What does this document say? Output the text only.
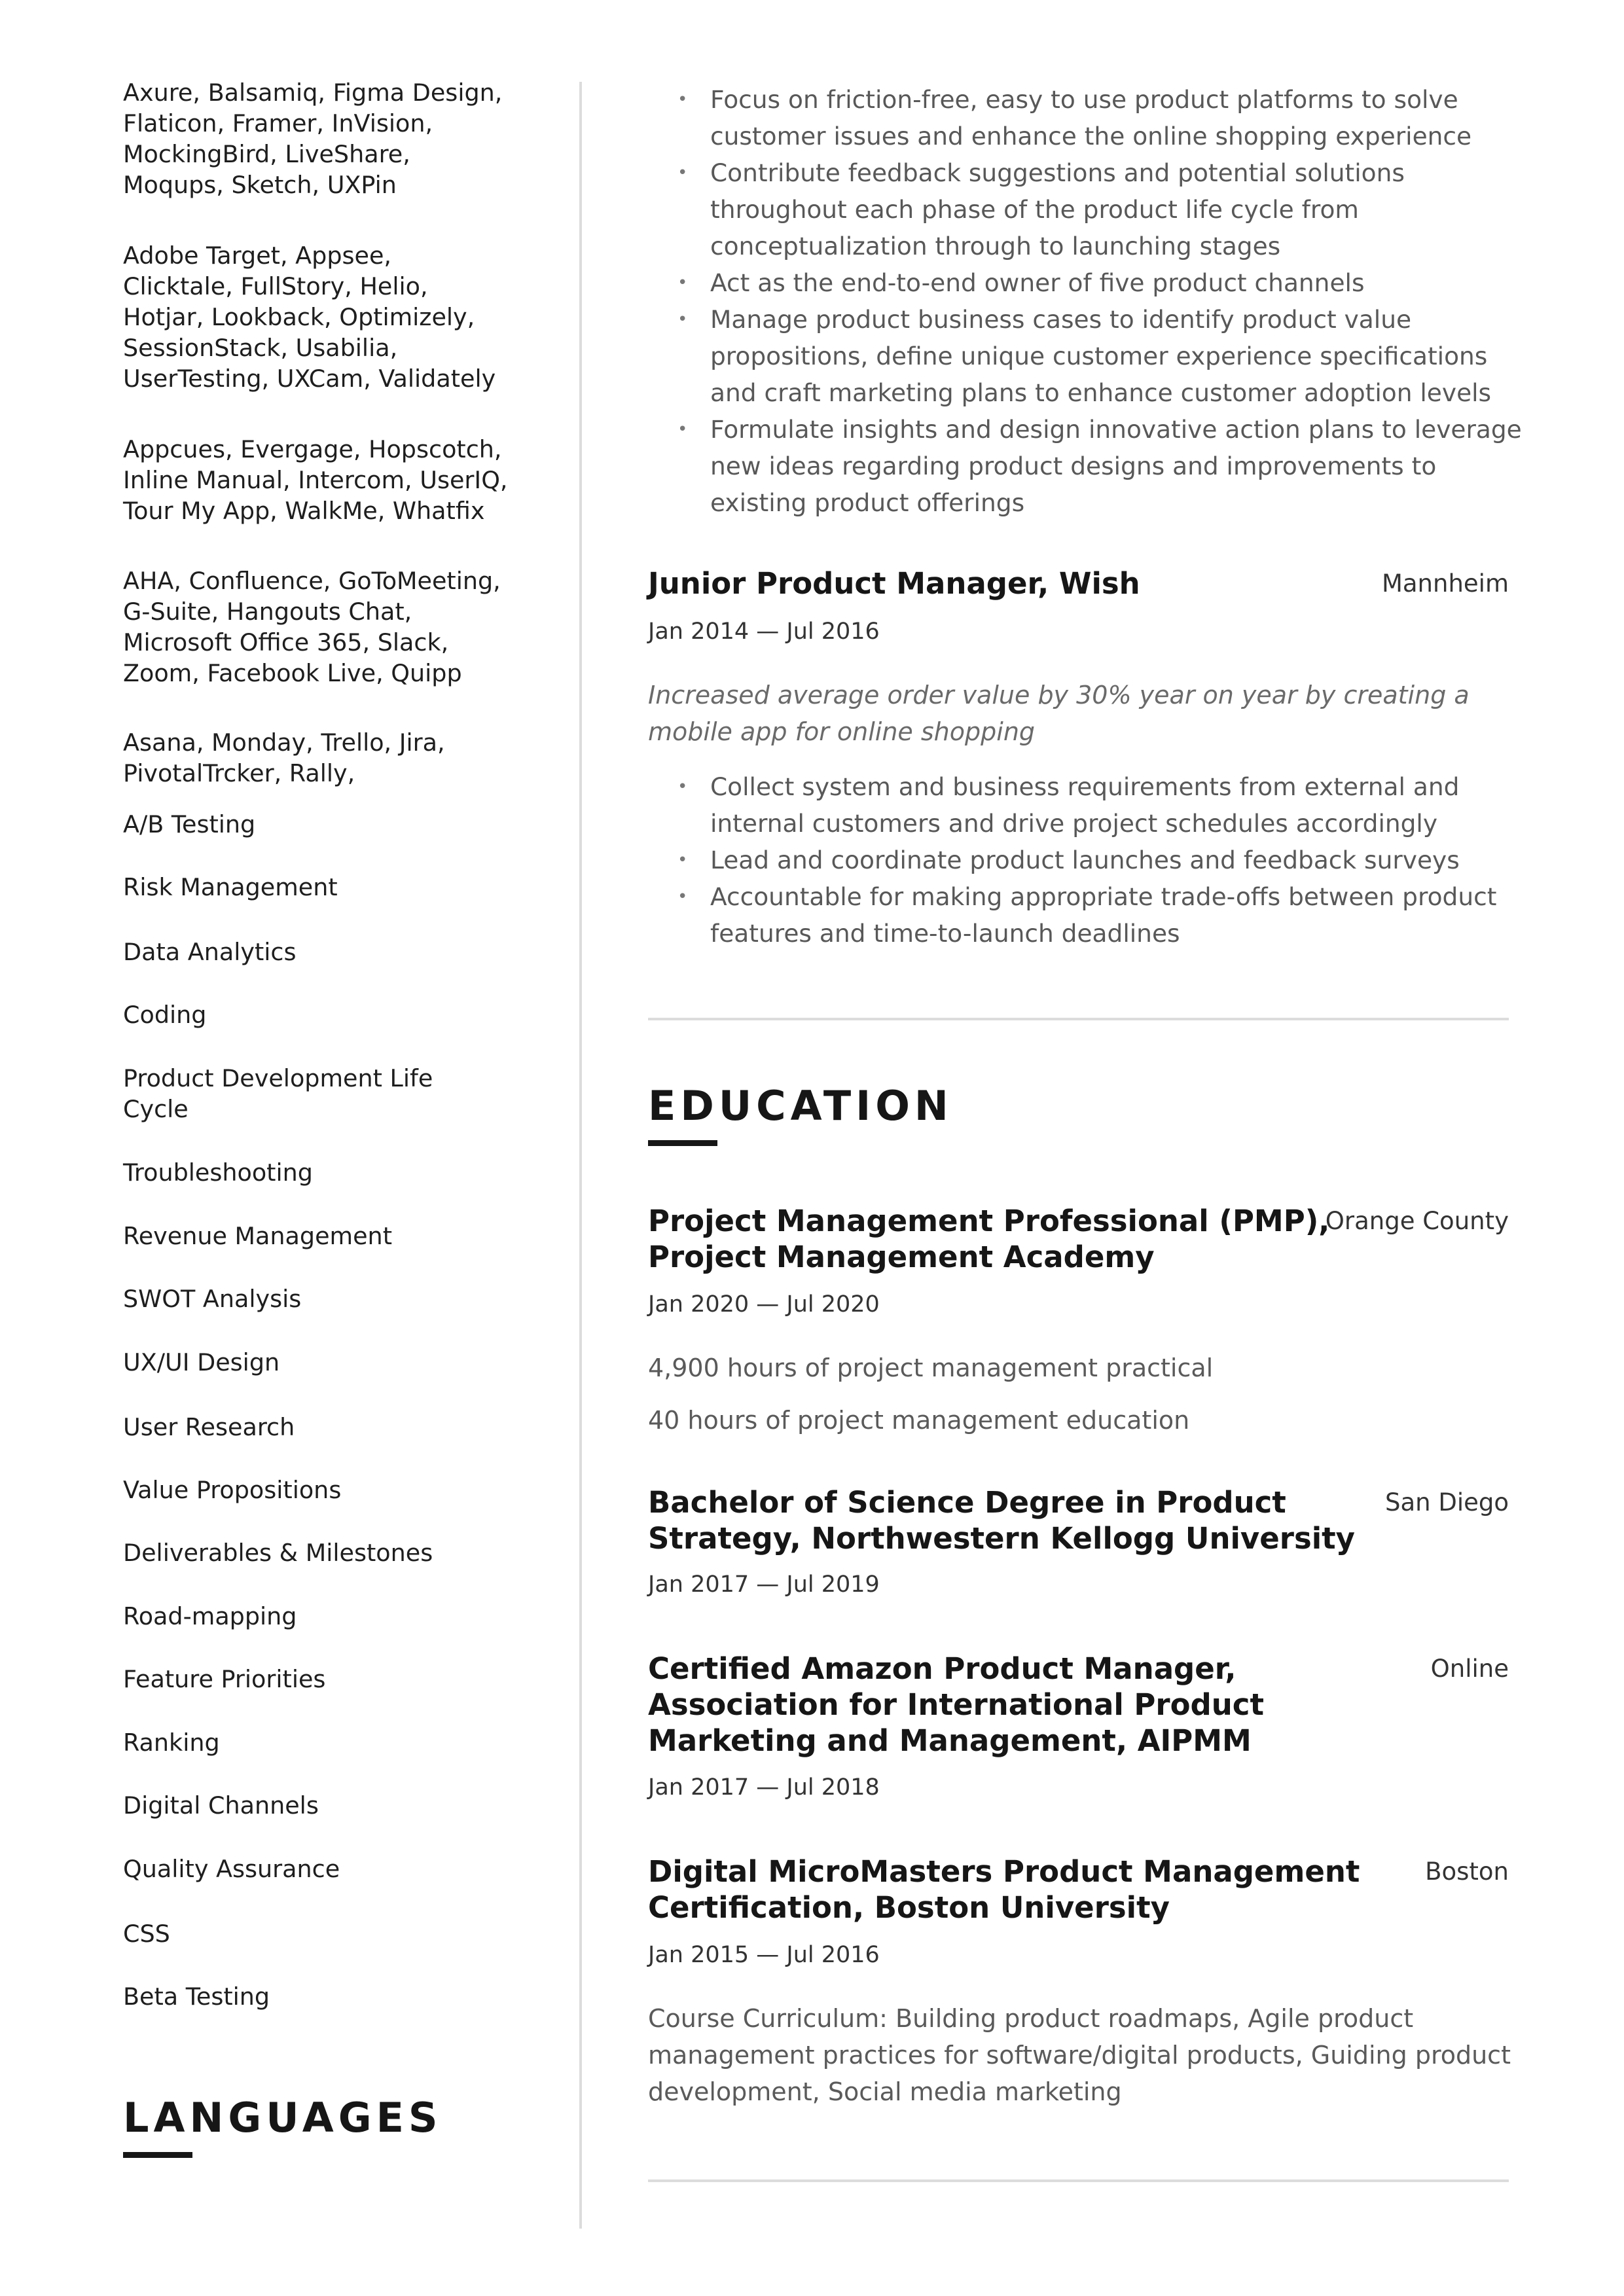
Axure, Balsamiq, Figma Design,
Flaticon, Framer, InVision,
MockingBird, LiveShare,
Moqups, Sketch, UXPin

Adobe Target, Appsee,
Clicktale, FullStory, Helio,
Hotjar, Lookback, Optimizely,
SessionStack, Usabilia,
UserTesting, UXCam, Validately

Appcues, Evergage, Hopscotch,
Inline Manual, Intercom, UserIQ,
Tour My App, WalkMe, Whatfix

AHA, Confluence, GoToMeeting,
G-Suite, Hangouts Chat,
Microsoft Office 365, Slack,
Zoom, Facebook Live, Quipp

Asana, Monday, Trello, Jira,
PivotalTrcker, Rally,

A/B Testing

Risk Management

Data Analytics

Coding

Product Development Life
Cycle

Troubleshooting

Revenue Management

SWOT Analysis

UX/UI Design

User Research

Value Propositions

Deliverables & Milestones

Road-mapping

Feature Priorities

Ranking

Digital Channels

Quality Assurance

CSS

Beta Testing

LANGUAGES
• Focus on friction-free, easy to use product platforms to solve
customer issues and enhance the online shopping experience
• Contribute feedback suggestions and potential solutions
throughout each phase of the product life cycle from
conceptualization through to launching stages
• Act as the end-to-end owner of five product channels
• Manage product business cases to identify product value
propositions, define unique customer experience specifications
and craft marketing plans to enhance customer adoption levels
• Formulate insights and design innovative action plans to leverage
new ideas regarding product designs and improvements to
existing product offerings

Junior Product Manager, Wish	Mannheim
Jan 2014 — Jul 2016
Increased average order value by 30% year on year by creating a
mobile app for online shopping
• Collect system and business requirements from external and
internal customers and drive project schedules accordingly
• Lead and coordinate product launches and feedback surveys
• Accountable for making appropriate trade-offs between product
features and time-to-launch deadlines
EDUCATION
Project Management Professional (PMP),
Project Management Academy
Orange County
Jan 2020 — Jul 2020
4,900 hours of project management practical
40 hours of project management education
Bachelor of Science Degree in Product
Strategy, Northwestern Kellogg University
San Diego
Jan 2017 — Jul 2019
Certified Amazon Product Manager,
Association for International Product
Marketing and Management, AIPMM
Online
Jan 2017 — Jul 2018
Digital MicroMasters Product Management
Certification, Boston University
Boston
Jan 2015 — Jul 2016
Course Curriculum: Building product roadmaps, Agile product
management practices for software/digital products, Guiding product
development, Social media marketing
